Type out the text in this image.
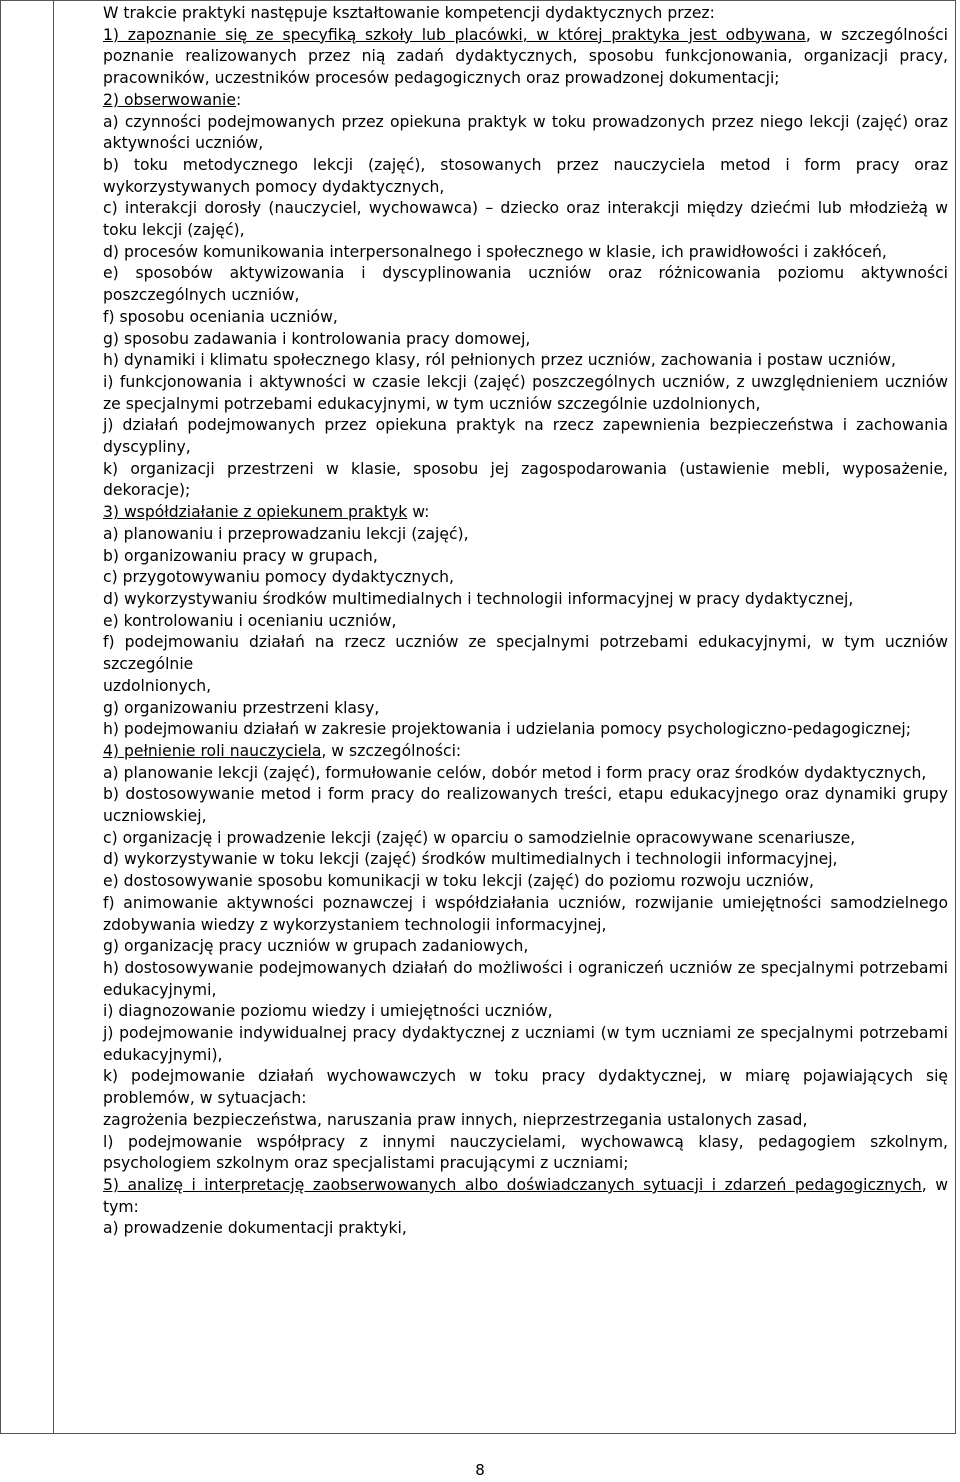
W trakcie praktyki następuje kształtowanie kompetencji dydaktycznych przez:

1) zapoznanie się ze specyfiką szkoły lub placówki, w której praktyka jest odbywana, w szczególności poznanie realizowanych przez nią zadań dydaktycznych, sposobu funkcjonowania, organizacji pracy, pracowników, uczestników procesów pedagogicznych oraz prowadzonej dokumentacji;

2) obserwowanie:

a) czynności podejmowanych przez opiekuna praktyk w toku prowadzonych przez niego lekcji (zajęć) oraz aktywności uczniów,

b) toku metodycznego lekcji (zajęć), stosowanych przez nauczyciela metod i form pracy oraz wykorzystywanych pomocy dydaktycznych,

c) interakcji dorosły (nauczyciel, wychowawca) – dziecko oraz interakcji między dziećmi lub młodzieżą w toku lekcji (zajęć),

d) procesów komunikowania interpersonalnego i społecznego w klasie, ich prawidłowości i zakłóceń,

e) sposobów aktywizowania i dyscyplinowania uczniów oraz różnicowania poziomu aktywności poszczególnych uczniów,

f) sposobu oceniania uczniów,

g) sposobu zadawania i kontrolowania pracy domowej,

h) dynamiki i klimatu społecznego klasy, ról pełnionych przez uczniów, zachowania i postaw uczniów,

i) funkcjonowania i aktywności w czasie lekcji (zajęć) poszczególnych uczniów, z uwzględnieniem uczniów ze specjalnymi potrzebami edukacyjnymi, w tym uczniów szczególnie uzdolnionych,

j) działań podejmowanych przez opiekuna praktyk na rzecz zapewnienia bezpieczeństwa i zachowania dyscypliny,

k) organizacji przestrzeni w klasie, sposobu jej zagospodarowania (ustawienie mebli, wyposażenie, dekoracje);

3) współdziałanie z opiekunem praktyk w:

a) planowaniu i przeprowadzaniu lekcji (zajęć),

b) organizowaniu pracy w grupach,

c) przygotowywaniu pomocy dydaktycznych,

d) wykorzystywaniu środków multimedialnych i technologii informacyjnej w pracy dydaktycznej,

e) kontrolowaniu i ocenianiu uczniów,

f) podejmowaniu działań na rzecz uczniów ze specjalnymi potrzebami edukacyjnymi, w tym uczniów szczególnie

uzdolnionych,

g) organizowaniu przestrzeni klasy,

h) podejmowaniu działań w zakresie projektowania i udzielania pomocy psychologiczno-pedagogicznej;

4) pełnienie roli nauczyciela, w szczególności:

a) planowanie lekcji (zajęć), formułowanie celów, dobór metod i form pracy oraz środków dydaktycznych,

b) dostosowywanie metod i form pracy do realizowanych treści, etapu edukacyjnego oraz dynamiki grupy uczniowskiej,

c) organizację i prowadzenie lekcji (zajęć) w oparciu o samodzielnie opracowywane scenariusze,

d) wykorzystywanie w toku lekcji (zajęć) środków multimedialnych i technologii informacyjnej,

e) dostosowywanie sposobu komunikacji w toku lekcji (zajęć) do poziomu rozwoju uczniów,

f) animowanie aktywności poznawczej i współdziałania uczniów, rozwijanie umiejętności samodzielnego zdobywania wiedzy z wykorzystaniem technologii informacyjnej,

g) organizację pracy uczniów w grupach zadaniowych,

h) dostosowywanie podejmowanych działań do możliwości i ograniczeń uczniów ze specjalnymi potrzebami edukacyjnymi,

i) diagnozowanie poziomu wiedzy i umiejętności uczniów,

j) podejmowanie indywidualnej pracy dydaktycznej z uczniami (w tym uczniami ze specjalnymi potrzebami edukacyjnymi),

k) podejmowanie działań wychowawczych w toku pracy dydaktycznej, w miarę pojawiających się problemów, w sytuacjach:

zagrożenia bezpieczeństwa, naruszania praw innych, nieprzestrzegania ustalonych zasad,

l) podejmowanie współpracy z innymi nauczycielami, wychowawcą klasy, pedagogiem szkolnym, psychologiem szkolnym oraz specjalistami pracującymi z uczniami;

5) analizę i interpretację zaobserwowanych albo doświadczanych sytuacji i zdarzeń pedagogicznych, w tym:

a) prowadzenie dokumentacji praktyki,

8
